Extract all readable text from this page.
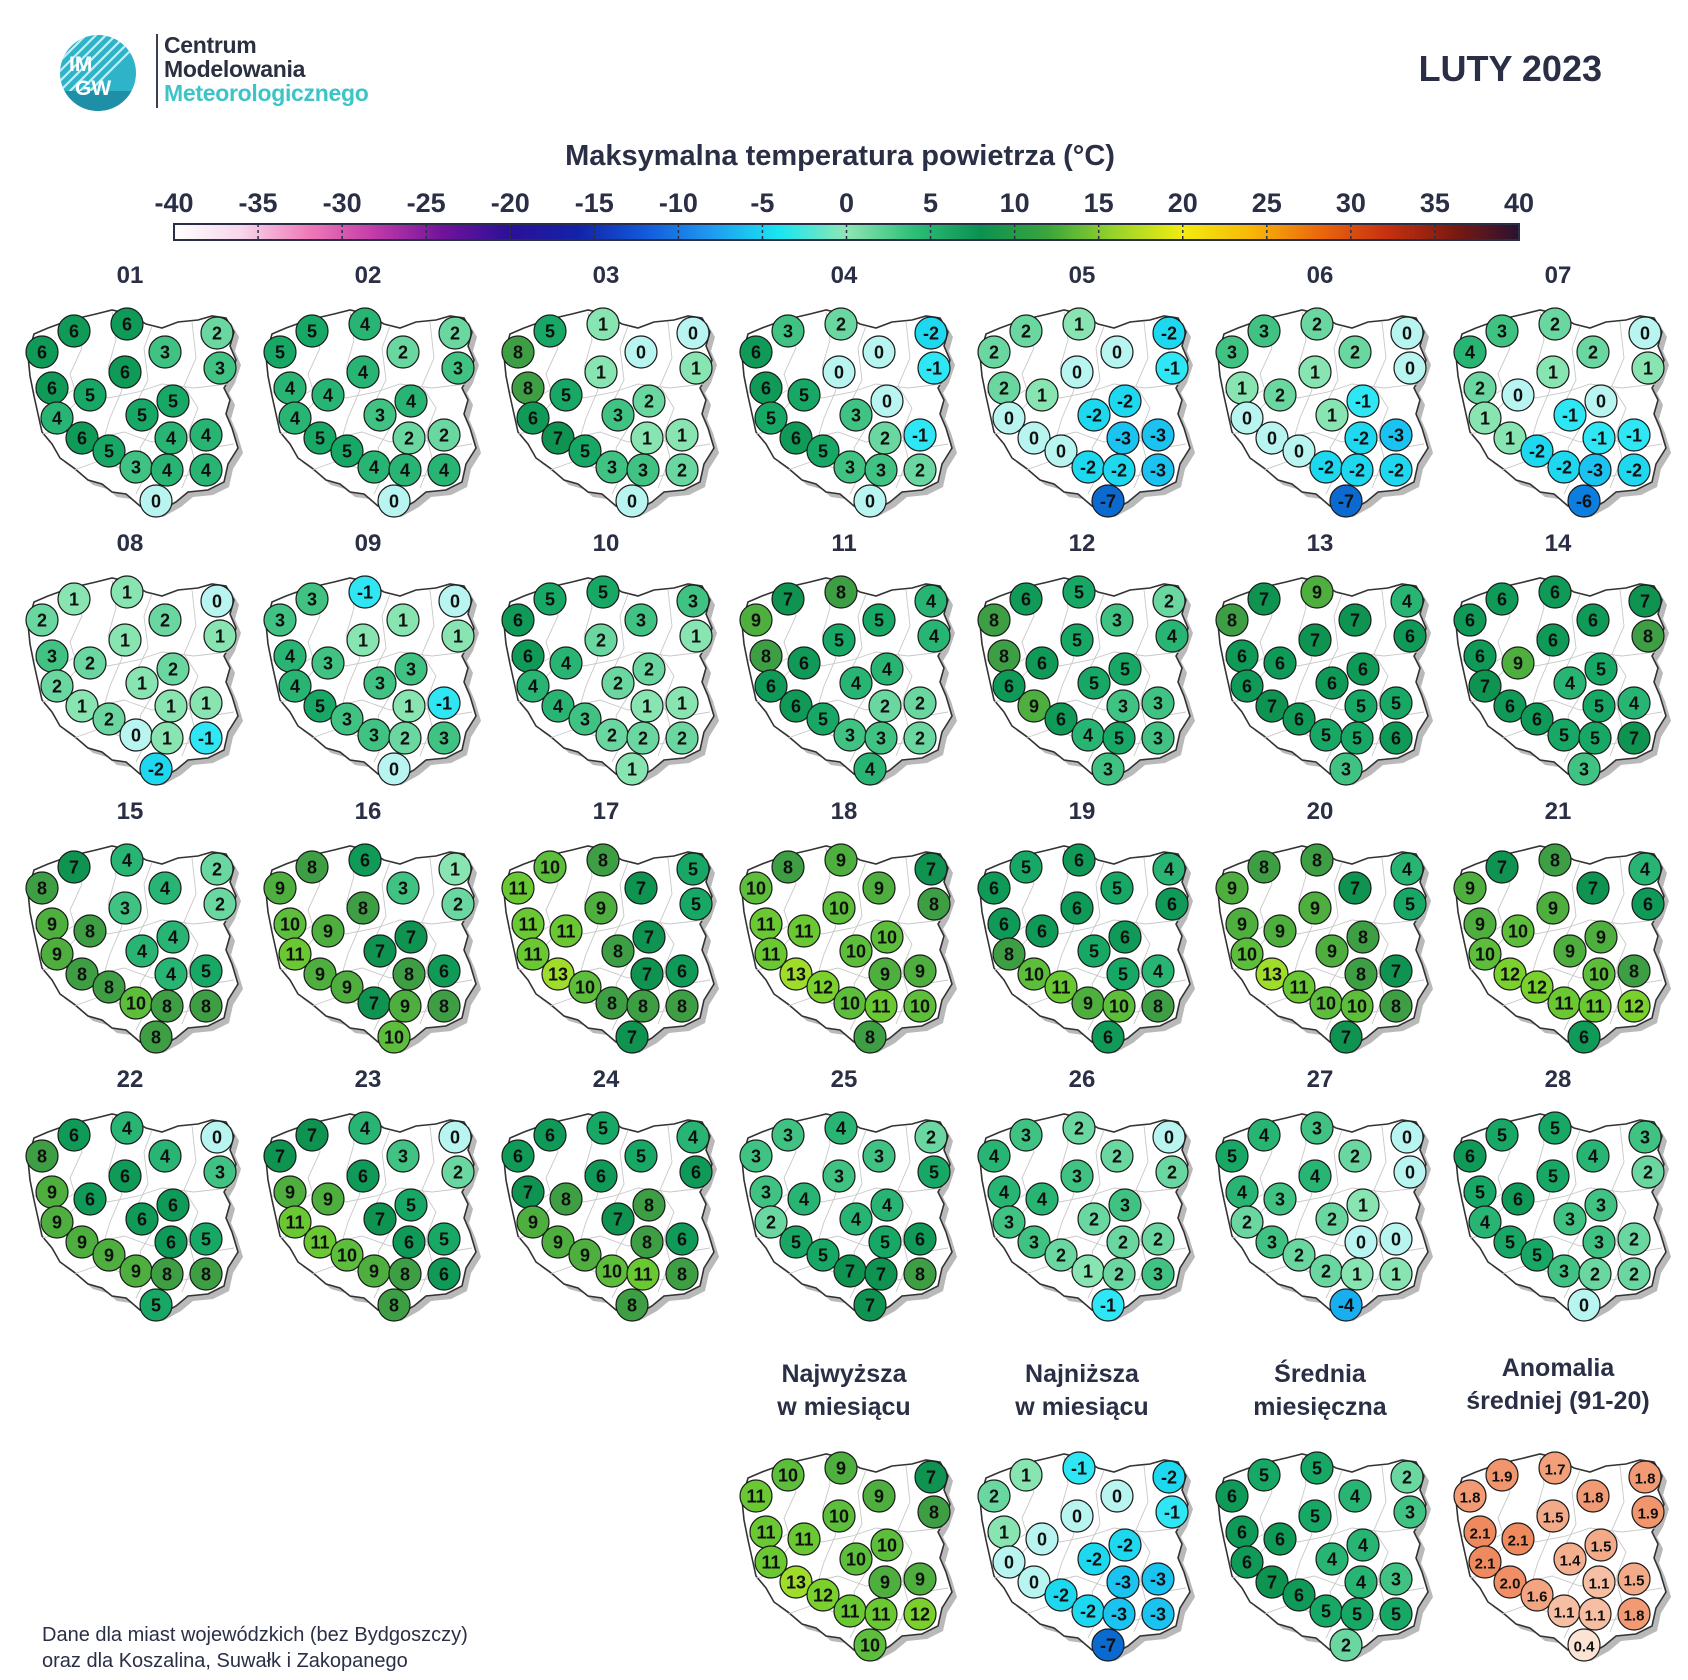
IM
GW
Centrum
Modelowania
Meteorologicznego
LUTY 2023
Maksymalna temperatura powietrza (°C)
-40 -35 -30 -25 -20 -15 -10 -5 0	5 10 15 20 25 30 35 40
01
6
6 6
3
2
3
6 5
6
5
4	5
6
5
4 4
3 4 4
0
02
5
5 4
2
2
3
4 4
4
4
4	3
5
5
2 2
4 4 4
0
03
8
5 1
0
0
1
8 5
1
2
6	3
7
5
1 1
3 3 2
0
04
6
3 2
0
-2
-1
6 5
0
0
5	3
6
5
2 -1
3 3 2
0
05
2
2 1
0
-2
-1
2 1
0
-2
0	-2
0
0
-3 -3
-2 -2 -3
-7
06
3
3 2
2
0
0
1 2
1
-1
0	1
0
0
-2 -3
-2 -2 -2
-7
07
4
3 2
2
0
1
2 0
1
0
1	-1
1
-2
-1 -1
-2 -3 -2
-6
08
2
1 1
2
0
1
3 2
1
2
2	1
1
2
1 1
0 1 -1
-2
09
3
3 -1
1
0
1
4 3
1
3
4	3
5
3
1 -1
3 2 3
0
10
6
5 5
3
3
1
6 4
2
2
4	2
4
3
1 1
2 2 2
1
11
9
7 8
5
4
4
8 6
5
4
6	4
6
5
2 2
3 3 2
4
12
8
6 5
3
2
4
8 6
5
5
6	5
9
6
3 3
4 5 3
3
13
8
7 9
7
4
6
6 6
7
6
6	6
7
6
5 5
5 5 6
3
14
6
6 6
6
7
8
6 9
6
5
7	4
6
6
5 4
5 5 7
3
15
8
7 4
4
2
2
9 8
3
4
9	4
8
8
4 5
10 8 8
8
16
9
8 6
3
1
2
10 9
8
7
11	7
9
9
8 6
7 9 8
10
17
11
10 8
7
5
5
11 11
9
7
11	8
13
10
7 6
8 8 8
7
18
10
8 9
9
7
8
11 11
10
10
11	10
13
12
9 9
10 11 10
8
19
6
5 6
5
4
6
6 6
6
6
8	5
10
11
5 4
9 10 8
6
20
9
8 8
7
4
5
9 9
9
8
10	9
13
11
8 7
10 10 8
7
21
9
7 8
7
4
6
9 10
9
9
10	9
12
12
10 8
11 11 12
6
22
8
6 4
4
0
3
9 6
6
6
9	6
9
9
6 5
9 8 8
5
23
7
7 4
3
0
2
9 9
6
5
11	7
11
10
6 5
9 8 6
8
24
6
6 5
5
4
6
7 8
6
8
9	7
9
9
8 6
10 11 8
8
25
3
3 4
3
2
5
3 4
3
4
2	4
5
5
5 6
7 7 8
7
26
4
3 2
2
0
2
4 4
3
3
3	2
3
2
2 2
1 2 3
-1
27
5
4 3
2
0
0
4 3
4
1
2	2
3
2
0 0
2 1 1
-4
28
6
5 5
4
3
2
5 6
5
3
4	3
5
5
3 2
3 2 2
0
Najwyższa
w miesiącu
11
10 9
9
7
8
11 11
10
10
11	10
13
12
9 9
11 11 12
10
Najniższa
w miesiącu
2
1 -1
0
-2
-1
1 0
0
-2
0	-2
0
-2
-3 -3
-2 -3 -3
-7
Średnia
miesięczna
6
5 5
4
2
3
6 6
5
4
6	4
7
6
4 3
5 5 5
2
Anomalia
średniej (91-20)
1.8
1.9 1.7
1.8
1.8
1.9
2.1 2.1
1.5
1.5
2.1	1.4
2.0
1.6
1.1 1.5
1.1 1.1 1.8
0.4
Dane dla miast wojewódzkich (bez Bydgoszczy)
oraz dla Koszalina, Suwałk i Zakopanego
